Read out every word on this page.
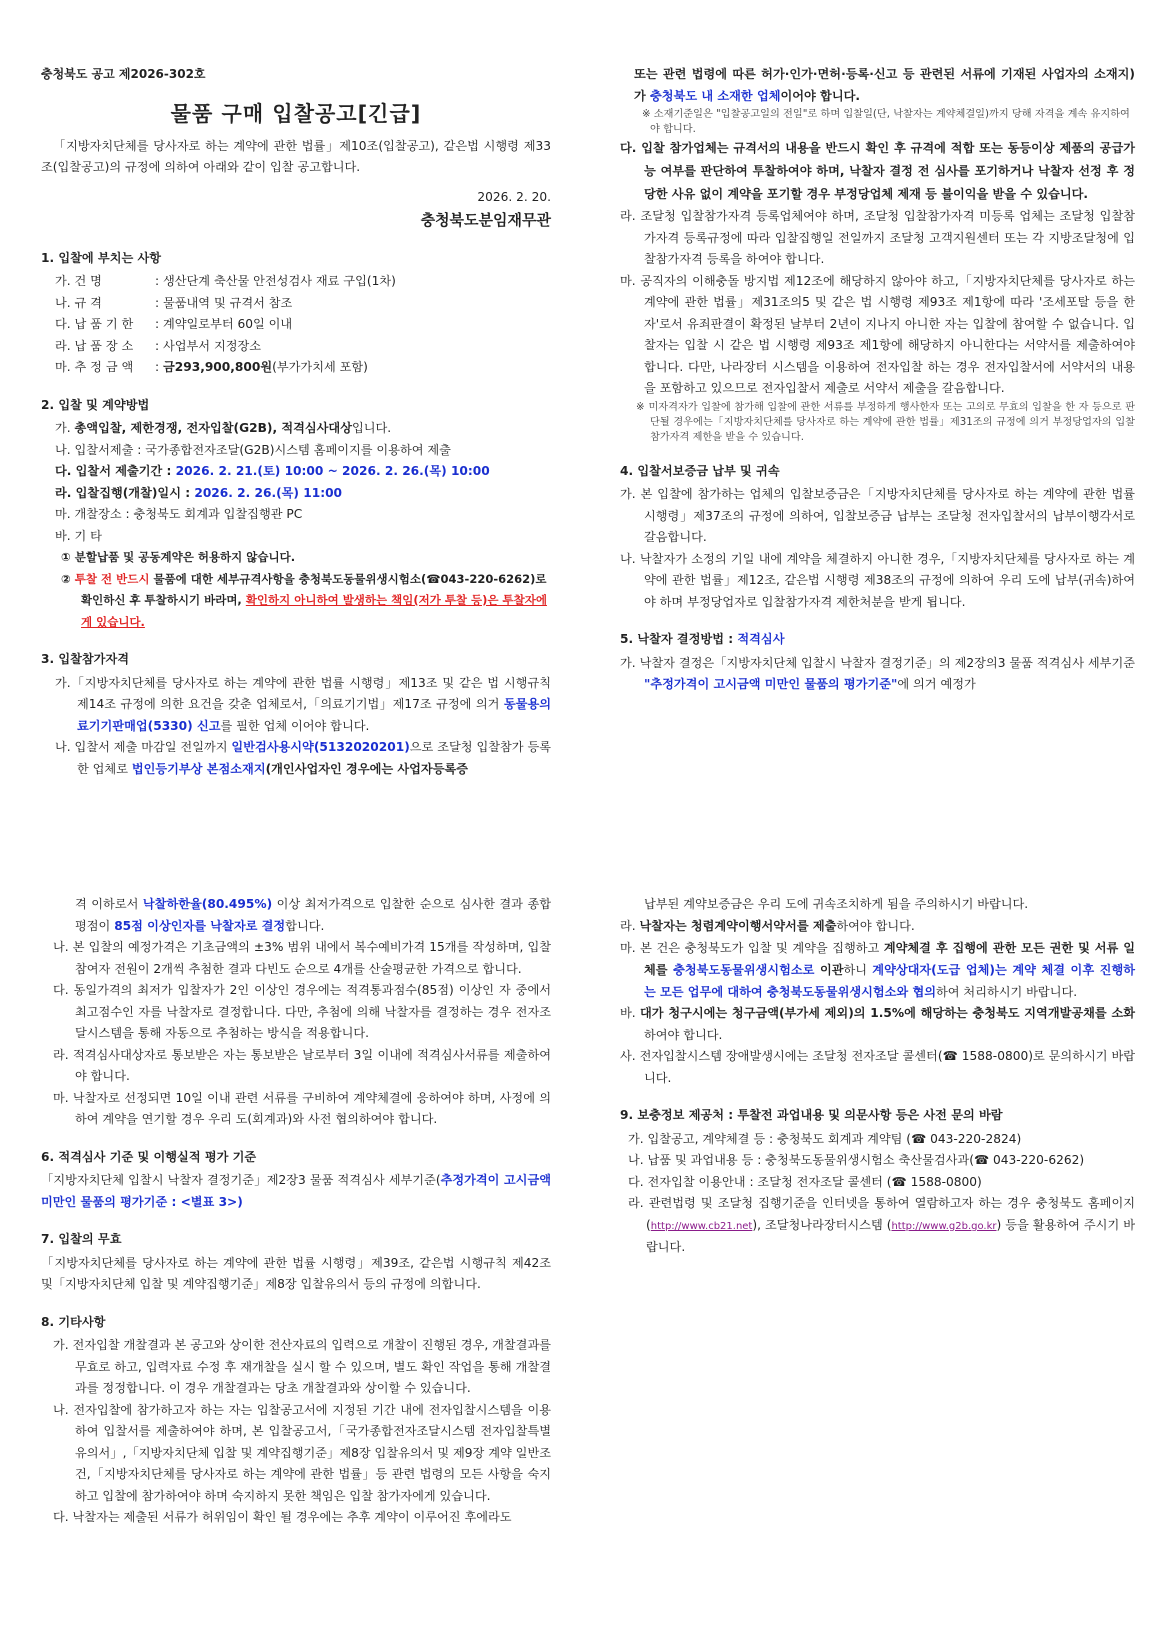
충청북도 공고 제2026-302호
물품 구매 입찰공고[긴급]

「지방자치단체를 당사자로 하는 계약에 관한 법률」제10조(입찰공고), 같은법 시행령 제33조(입찰공고)의 규정에 의하여 아래와 같이 입찰 공고합니다.

2026. 2. 20.
충청북도분임재무관
1. 입찰에 부치는 사항
가. 건 명	: 생산단계 축산물 안전성검사 재료 구입(1차)
나. 규 격	: 물품내역 및 규격서 참조
다. 납 품 기 한 : 계약일로부터 60일 이내
라. 납 품 장 소 : 사업부서 지정장소
마. 추 정 금 액 : 금293,900,800원(부가가치세 포함)
2. 입찰 및 계약방법
가. 총액입찰, 제한경쟁, 전자입찰(G2B), 적격심사대상입니다.
나. 입찰서제출 : 국가종합전자조달(G2B)시스템 홈페이지를 이용하여 제출
다. 입찰서 제출기간 : 2026. 2. 21.(토) 10:00 ~ 2026. 2. 26.(목) 10:00
라. 입찰집행(개찰)일시 : 2026. 2. 26.(목) 11:00
마. 개찰장소 : 충청북도 회계과 입찰집행관 PC
바. 기 타
① 분할납품 및 공동계약은 허용하지 않습니다.
② 투찰 전 반드시 물품에 대한 세부규격사항을 충청북도동물위생시험소(☎043-220-6262)로 확인하신 후 투찰하시기 바라며, 확인하지 아니하여 발생하는 책임(저가 투찰 등)은 투찰자에게 있습니다.
3. 입찰참가자격
가.「지방자치단체를 당사자로 하는 계약에 관한 법률 시행령」제13조 및 같은 법 시행규칙 제14조 규정에 의한 요건을 갖춘 업체로서,「의료기기법」제17조 규정에 의거 동물용의료기기판매업(5330) 신고를 필한 업체 이어야 합니다.
나. 입찰서 제출 마감일 전일까지 일반검사용시약(5132020201)으로 조달청 입찰참가 등록한 업체로 법인등기부상 본점소재지(개인사업자인 경우에는 사업자등록증
또는 관련 법령에 따른 허가·인가·면허·등록·신고 등 관련된 서류에 기재된 사업자의 소재지)가 충청북도 내 소재한 업체이어야 합니다.
※ 소재기준일은 "입찰공고일의 전일"로 하며 입찰일(단, 낙찰자는 계약체결일)까지 당해 자격을 계속 유지하여야 합니다.
다. 입찰 참가업체는 규격서의 내용을 반드시 확인 후 규격에 적합 또는 동등이상 제품의 공급가능 여부를 판단하여 투찰하여야 하며, 낙찰자 결정 전 심사를 포기하거나 낙찰자 선정 후 정당한 사유 없이 계약을 포기할 경우 부정당업체 제재 등 불이익을 받을 수 있습니다.
라. 조달청 입찰참가자격 등록업체여야 하며, 조달청 입찰참가자격 미등록 업체는 조달청 입찰참가자격 등록규정에 따라 입찰집행일 전일까지 조달청 고객지원센터 또는 각 지방조달청에 입찰참가자격 등록을 하여야 합니다.
마. 공직자의 이해충돌 방지법 제12조에 해당하지 않아야 하고,「지방자치단체를 당사자로 하는 계약에 관한 법률」제31조의5 및 같은 법 시행령 제93조 제1항에 따라 '조세포탈 등을 한 자'로서 유죄판결이 확정된 날부터 2년이 지나지 아니한 자는 입찰에 참여할 수 없습니다. 입찰자는 입찰 시 같은 법 시행령 제93조 제1항에 해당하지 아니한다는 서약서를 제출하여야 합니다. 다만, 나라장터 시스템을 이용하여 전자입찰 하는 경우 전자입찰서에 서약서의 내용을 포함하고 있으므로 전자입찰서 제출로 서약서 제출을 갈음합니다.
※ 미자격자가 입찰에 참가해 입찰에 관한 서류를 부정하게 행사한자 또는 고의로 무효의 입찰을 한 자 등으로 판단될 경우에는「지방자치단체를 당사자로 하는 계약에 관한 법률」제31조의 규정에 의거 부정당업자의 입찰참가자격 제한을 받을 수 있습니다.
4. 입찰서보증금 납부 및 귀속
가. 본 입찰에 참가하는 업체의 입찰보증금은「지방자치단체를 당사자로 하는 계약에 관한 법률 시행령」제37조의 규정에 의하여, 입찰보증금 납부는 조달청 전자입찰서의 납부이행각서로 갈음합니다.
나. 낙찰자가 소정의 기일 내에 계약을 체결하지 아니한 경우,「지방자치단체를 당사자로 하는 계약에 관한 법률」제12조, 같은법 시행령 제38조의 규정에 의하여 우리 도에 납부(귀속)하여야 하며 부정당업자로 입찰참가자격 제한처분을 받게 됩니다.
5. 낙찰자 결정방법 : 적격심사
가. 낙찰자 결정은「지방자치단체 입찰시 낙찰자 결정기준」의 제2장의3 물품 적격심사 세부기준 "추정가격이 고시금액 미만인 물품의 평가기준"에 의거 예정가
격 이하로서 낙찰하한율(80.495%) 이상 최저가격으로 입찰한 순으로 심사한 결과 종합평점이 85점 이상인자를 낙찰자로 결정합니다.
나. 본 입찰의 예정가격은 기초금액의 ±3% 범위 내에서 복수예비가격 15개를 작성하며, 입찰 참여자 전원이 2개씩 추첨한 결과 다빈도 순으로 4개를 산술평균한 가격으로 합니다.
다. 동일가격의 최저가 입찰자가 2인 이상인 경우에는 적격통과점수(85점) 이상인 자 중에서 최고점수인 자를 낙찰자로 결정합니다. 다만, 추첨에 의해 낙찰자를 결정하는 경우 전자조달시스템을 통해 자동으로 추첨하는 방식을 적용합니다.
라. 적격심사대상자로 통보받은 자는 통보받은 날로부터 3일 이내에 적격심사서류를 제출하여야 합니다.
마. 낙찰자로 선정되면 10일 이내 관련 서류를 구비하여 계약체결에 응하여야 하며, 사정에 의하여 계약을 연기할 경우 우리 도(회계과)와 사전 협의하여야 합니다.
6. 적격심사 기준 및 이행실적 평가 기준
「지방자치단체 입찰시 낙찰자 결정기준」제2장3 물품 적격심사 세부기준(추정가격이 고시금액 미만인 물품의 평가기준 : <별표 3>)
7. 입찰의 무효
「지방자치단체를 당사자로 하는 계약에 관한 법률 시행령」제39조, 같은법 시행규칙 제42조 및「지방자치단체 입찰 및 계약집행기준」제8장 입찰유의서 등의 규정에 의합니다.
8. 기타사항
가. 전자입찰 개찰결과 본 공고와 상이한 전산자료의 입력으로 개찰이 진행된 경우, 개찰결과를 무효로 하고, 입력자료 수정 후 재개찰을 실시 할 수 있으며, 별도 확인 작업을 통해 개찰결과를 정정합니다. 이 경우 개찰결과는 당초 개찰결과와 상이할 수 있습니다.
나. 전자입찰에 참가하고자 하는 자는 입찰공고서에 지정된 기간 내에 전자입찰시스템을 이용하여 입찰서를 제출하여야 하며, 본 입찰공고서,「국가종합전자조달시스템 전자입찰특별유의서」,「지방자치단체 입찰 및 계약집행기준」제8장 입찰유의서 및 제9장 계약 일반조건,「지방자치단체를 당사자로 하는 계약에 관한 법률」등 관련 법령의 모든 사항을 숙지하고 입찰에 참가하여야 하며 숙지하지 못한 책임은 입찰 참가자에게 있습니다.
다. 낙찰자는 제출된 서류가 허위임이 확인 될 경우에는 추후 계약이 이루어진 후에라도
납부된 계약보증금은 우리 도에 귀속조치하게 됨을 주의하시기 바랍니다.
라. 낙찰자는 청렴계약이행서약서를 제출하여야 합니다.
마. 본 건은 충청북도가 입찰 및 계약을 집행하고 계약체결 후 집행에 관한 모든 권한 및 서류 일체를 충청북도동물위생시험소로 이관하니 계약상대자(도급 업체)는 계약 체결 이후 진행하는 모든 업무에 대하여 충청북도동물위생시험소와 협의하여 처리하시기 바랍니다.
바. 대가 청구시에는 청구금액(부가세 제외)의 1.5%에 해당하는 충청북도 지역개발공채를 소화하여야 합니다.
사. 전자입찰시스템 장애발생시에는 조달청 전자조달 콜센터(☎ 1588-0800)로 문의하시기 바랍니다.
9. 보충정보 제공처 : 투찰전 과업내용 및 의문사항 등은 사전 문의 바람
가. 입찰공고, 계약체결 등 : 충청북도 회계과 계약팀 (☎ 043-220-2824)
나. 납품 및 과업내용 등 : 충청북도동물위생시험소 축산물검사과(☎ 043-220-6262)
다. 전자입찰 이용안내 : 조달청 전자조달 콜센터 (☎ 1588-0800)
라. 관련법령 및 조달청 집행기준을 인터넷을 통하여 열람하고자 하는 경우 충청북도 홈페이지(http://www.cb21.net), 조달청나라장터시스템 (http://www.g2b.go.kr) 등을 활용하여 주시기 바랍니다.
